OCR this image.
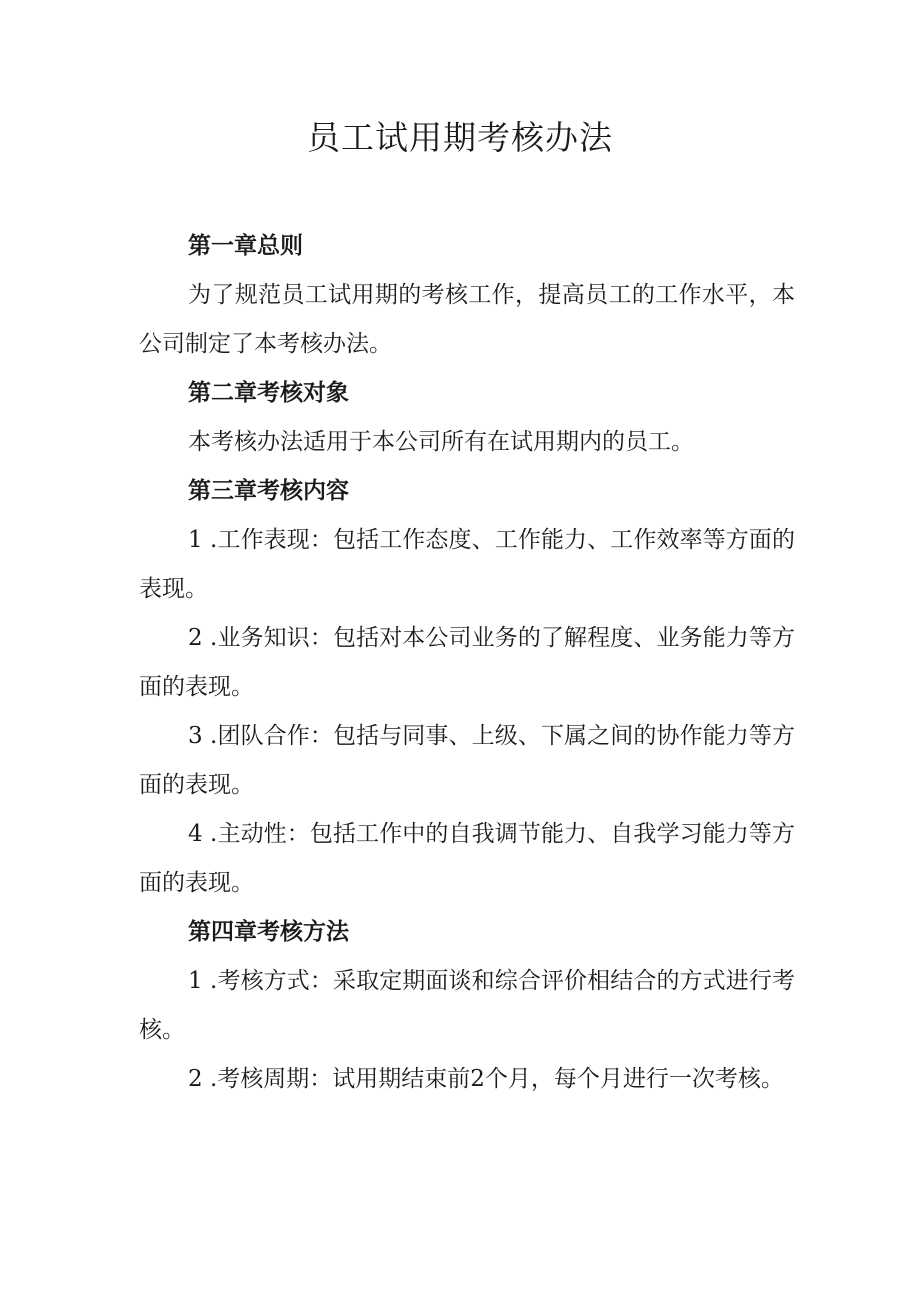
员工试用期考核办法

第一章总则

为了规范员工试用期的考核工作，提高员工的工作水平，本公司制定了本考核办法。

第二章考核对象

本考核办法适用于本公司所有在试用期内的员工。

第三章考核内容

1 .工作表现：包括工作态度、工作能力、工作效率等方面的表现。

2 .业务知识：包括对本公司业务的了解程度、业务能力等方面的表现。

3 .团队合作：包括与同事、上级、下属之间的协作能力等方面的表现。

4 .主动性：包括工作中的自我调节能力、自我学习能力等方面的表现。

第四章考核方法

1 .考核方式：采取定期面谈和综合评价相结合的方式进行考核。

2 .考核周期：试用期结束前2个月，每个月进行一次考核。
